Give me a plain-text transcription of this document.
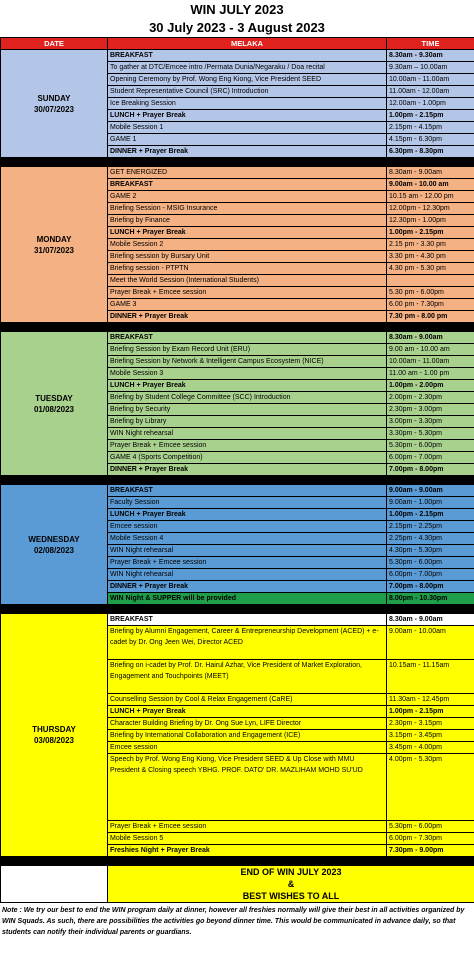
WIN JULY 2023
30 July 2023 - 3 August 2023
DATE	MELAKA	TIME

SUNDAY
30/07/2023	BREAKFAST	8.30am - 9.30am
	To gather at DTC/Emcee intro /Permata Dunia/Negaraku / Doa recital	9.30am – 10.00am
	Opening Ceremony by Prof. Wong Eng Kiong, Vice President SEED	10.00am - 11.00am
	Student Representative Council (SRC) Introduction	11.00am - 12.00am
	Ice Breaking Session	12.00am - 1.00pm
	LUNCH + Prayer Break	1.00pm - 2.15pm
	Mobile Session 1	2.15pm - 4.15pm
	GAME 1	4.15pm - 6.30pm
	DINNER + Prayer Break	6.30pm - 8.30pm

MONDAY
31/07/2023	GET ENERGIZED	8.30am - 9.00am
	BREAKFAST	9.00am - 10.00 am
	GAME 2	10.15 am - 12.00 pm
	Briefing Session - MSIG Insurance	12.00pm - 12.30pm
	Briefing by Finance	12.30pm - 1.00pm
	LUNCH + Prayer Break	1.00pm - 2.15pm
	Mobile Session 2	2.15 pm - 3.30 pm
	Briefing session by Bursary Unit	3.30 pm - 4.30 pm
	Briefing session - PTPTN	4.30 pm - 5.30 pm
	Meet the World Session (International Students)	
	Prayer Break + Emcee session	5.30 pm - 6.00pm
	GAME 3	6.00 pm - 7.30pm
	DINNER + Prayer Break	7.30 pm - 8.00 pm

TUESDAY
01/08/2023	BREAKFAST	8.30am - 9.00am
	Briefing Session by Exam Record Unit (ERU)	9.00 am - 10.00 am
	Briefing Session by Network & Intelligent Campus Ecosystem (NICE)	10.00am - 11.00am
	Mobile Session 3	11.00 am - 1.00 pm
	LUNCH + Prayer Break	1.00pm - 2.00pm
	Briefing by Student College Committee (SCC) Introduction	2.00pm - 2.30pm
	Briefing by Security	2.30pm - 3.00pm
	Briefing by Library	3.00pm - 3.30pm
	WIN Night rehearsal	3.30pm - 5.30pm
	Prayer Break + Emcee session	5.30pm - 6.00pm
	GAME 4 (Sports Competition)	6.00pm - 7.00pm
	DINNER + Prayer Break	7.00pm - 8.00pm

WEDNESDAY
02/08/2023	BREAKFAST	9.00am - 9.00am
	Faculty Session	9.00am - 1.00pm
	LUNCH + Prayer Break	1.00pm - 2.15pm
	Emcee session	2.15pm - 2.25pm
	Mobile Session 4	2.25pm - 4.30pm
	WIN Night rehearsal	4.30pm - 5.30pm
	Prayer Break + Emcee session	5.30pm - 6.00pm
	WIN Night rehearsal	6.00pm - 7.00pm
	DINNER + Prayer Break	7.00pm - 8.00pm
	WIN Night & SUPPER will be provided	8.00pm - 10.30pm

THURSDAY
03/08/2023	BREAKFAST	8.30am - 9.00am
	Briefing by Alumni Engagement, Career & Entrepreneurship Development (ACED) + e-cadet by Dr. Ong Jeen Wei, Director ACED	9.00am - 10.00am
	Briefing on i-cadet by Prof. Dr. Hairul Azhar, Vice President of Market Exploration, Engagement and Touchpoints (MEET)	10.15am - 11.15am
	Counselling Session by Cool & Relax Engagement (CaRE)	11.30am - 12.45pm
	LUNCH + Prayer Break	1.00pm - 2.15pm
	Character Building Briefing by Dr. Ong Sue Lyn, LIFE Director	2.30pm - 3.15pm
	Briefing by International Collaboration and Engagement (ICE)	3.15pm - 3.45pm
	Emcee session	3.45pm - 4.00pm
	Speech by Prof. Wong Eng Kiong, Vice President SEED & Up Close with MMU President & Closing speech YBHG. PROF. DATO' DR. MAZLIHAM MOHD SU'UD	4.00pm - 5.30pm
	Prayer Break + Emcee session	5.30pm - 6.00pm
	Mobile Session 5	6.00pm - 7.30pm
	Freshies Night + Prayer Break	7.30pm - 9.00pm

	END OF WIN JULY 2023
&
BEST WISHES TO ALL	
Note : We try our best to end the WIN program daily at dinner, however all freshies normally will give their best in all activities organized by WIN Squads. As such, there are possibilities the activities go beyond dinner time. This would be communicated in advance daily, so that students can notify their individual parents or guardians.
